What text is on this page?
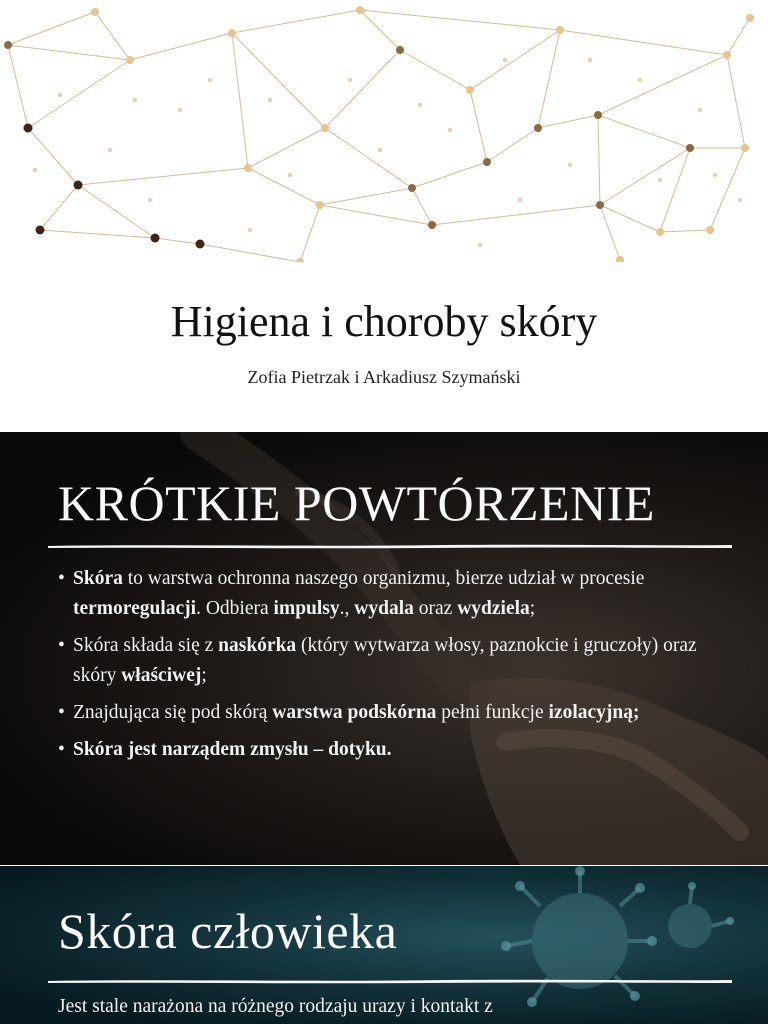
Higiena i choroby skóry
Zofia Pietrzak i Arkadiusz Szymański
KRÓTKIE POWTÓRZENIE
• Skóra to warstwa ochronna naszego organizmu, bierze udział w procesie termoregulacji. Odbiera impulsy., wydala oraz wydziela;
• Skóra składa się z naskórka (który wytwarza włosy, paznokcie i gruczoły) oraz skóry właściwej;
• Znajdująca się pod skórą warstwa podskórna pełni funkcje izolacyjną;
• Skóra jest narządem zmysłu – dotyku.
Skóra człowieka
Jest stale narażona na różnego rodzaju urazy i kontakt z
